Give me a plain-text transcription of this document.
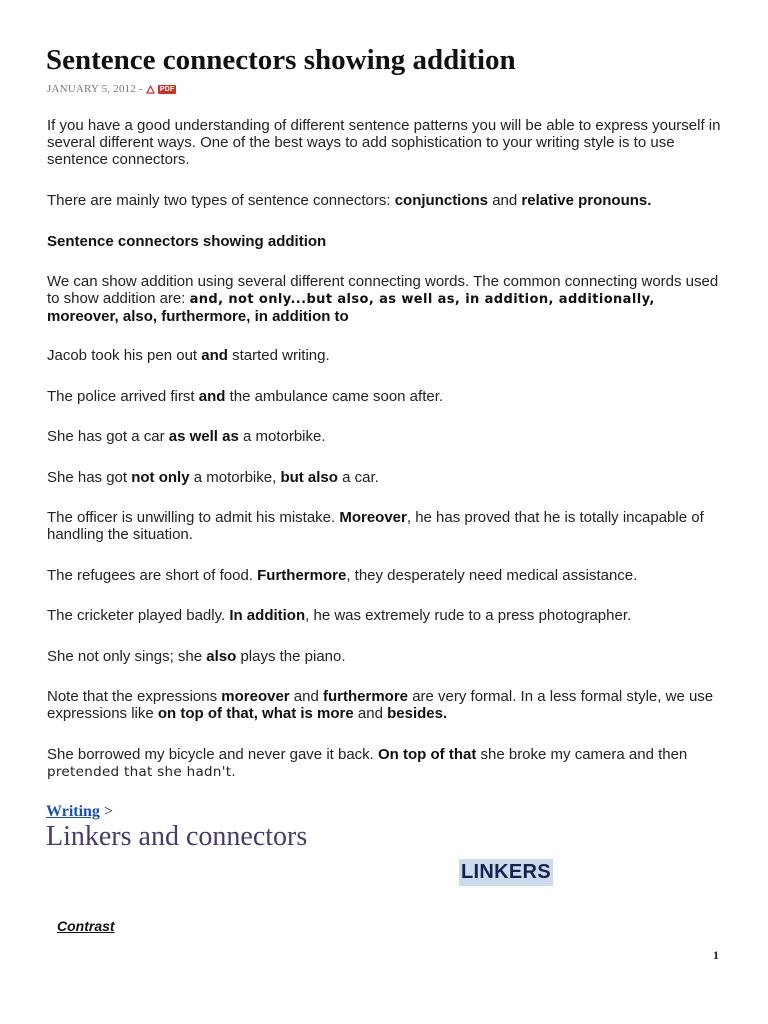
Sentence connectors showing addition
JANUARY 5, 2012 - PDF

If you have a good understanding of different sentence patterns you will be able to express yourself in several different ways. One of the best ways to add sophistication to your writing style is to use sentence connectors.

There are mainly two types of sentence connectors: conjunctions and relative pronouns.

Sentence connectors showing addition

We can show addition using several different connecting words. The common connecting words used to show addition are: and, not only...but also, as well as, in addition, additionally,
moreover, also, furthermore, in addition to

Jacob took his pen out and started writing.

The police arrived first and the ambulance came soon after.

She has got a car as well as a motorbike.

She has got not only a motorbike, but also a car.

The officer is unwilling to admit his mistake. Moreover, he has proved that he is totally incapable of handling the situation.

The refugees are short of food. Furthermore, they desperately need medical assistance.

The cricketer played badly. In addition, he was extremely rude to a press photographer.

She not only sings; she also plays the piano.

Note that the expressions moreover and furthermore are very formal. In a less formal style, we use expressions like on top of that, what is more and besides.

She borrowed my bicycle and never gave it back. On top of that she broke my camera and then
pretended that she hadn't.

Writing >
Linkers and connectors
LINKERS
Contrast
1
